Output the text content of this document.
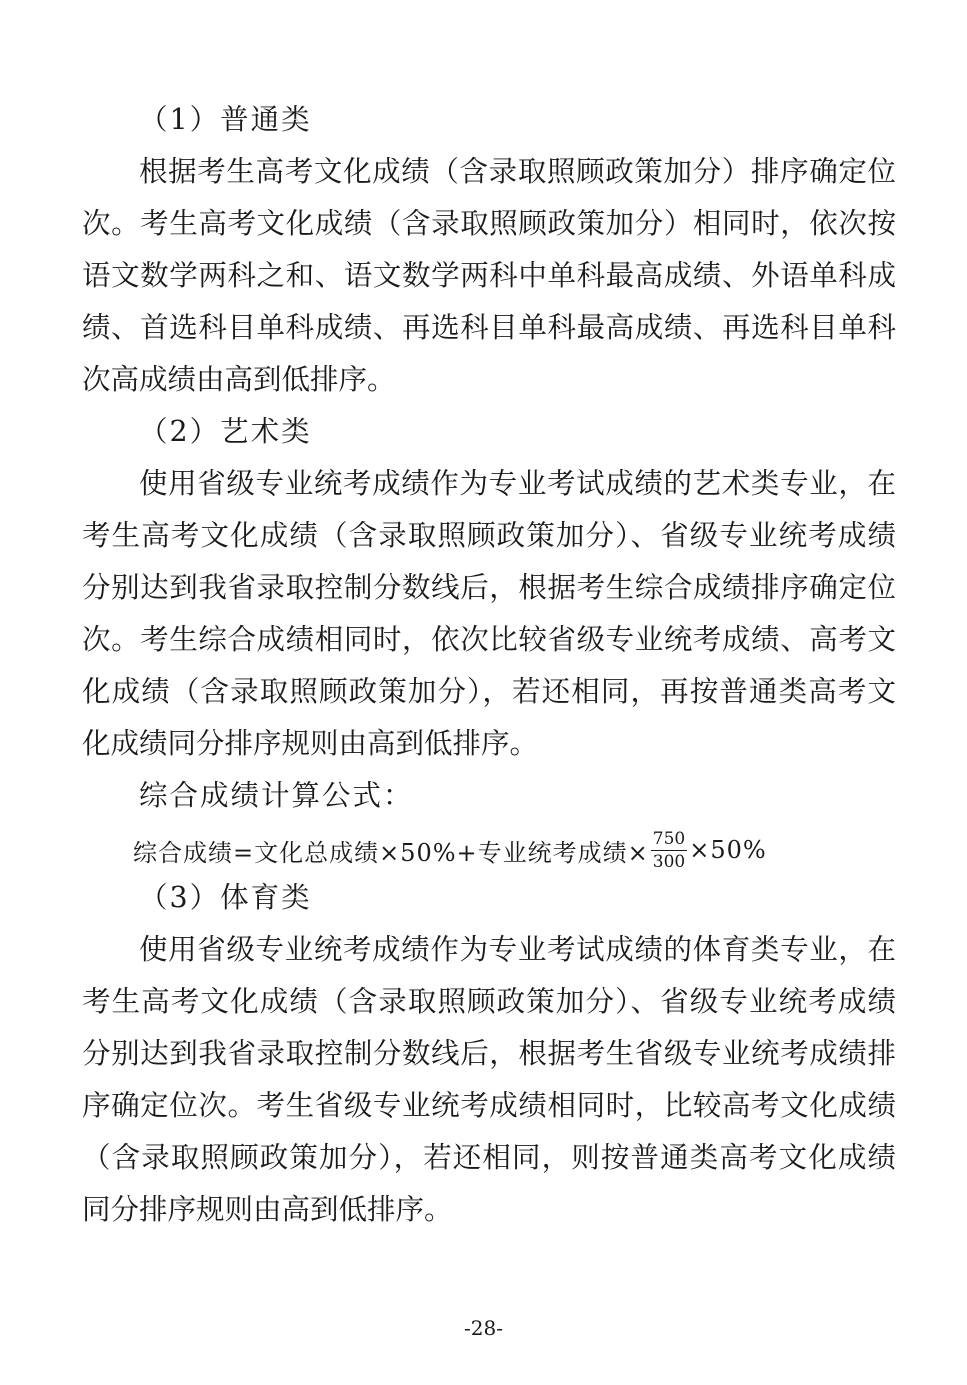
（1）普通类
根据考生高考文化成绩（含录取照顾政策加分）排序确定位
次。考生高考文化成绩（含录取照顾政策加分）相同时，依次按
语文数学两科之和、语文数学两科中单科最高成绩、外语单科成
绩、首选科目单科成绩、再选科目单科最高成绩、再选科目单科
次高成绩由高到低排序。
（2）艺术类
使用省级专业统考成绩作为专业考试成绩的艺术类专业，在
考生高考文化成绩（含录取照顾政策加分）、省级专业统考成绩
分别达到我省录取控制分数线后，根据考生综合成绩排序确定位
次。考生综合成绩相同时，依次比较省级专业统考成绩、高考文
化成绩（含录取照顾政策加分），若还相同，再按普通类高考文
化成绩同分排序规则由高到低排序。
综合成绩计算公式：
综合成绩=文化总成绩×50%+专业统考成绩× $\frac{750}{300} \times 50\%$
（3）体育类
使用省级专业统考成绩作为专业考试成绩的体育类专业，在
考生高考文化成绩（含录取照顾政策加分）、省级专业统考成绩
分别达到我省录取控制分数线后，根据考生省级专业统考成绩排
序确定位次。考生省级专业统考成绩相同时，比较高考文化成绩
（含录取照顾政策加分），若还相同，则按普通类高考文化成绩
同分排序规则由高到低排序。
-28-
